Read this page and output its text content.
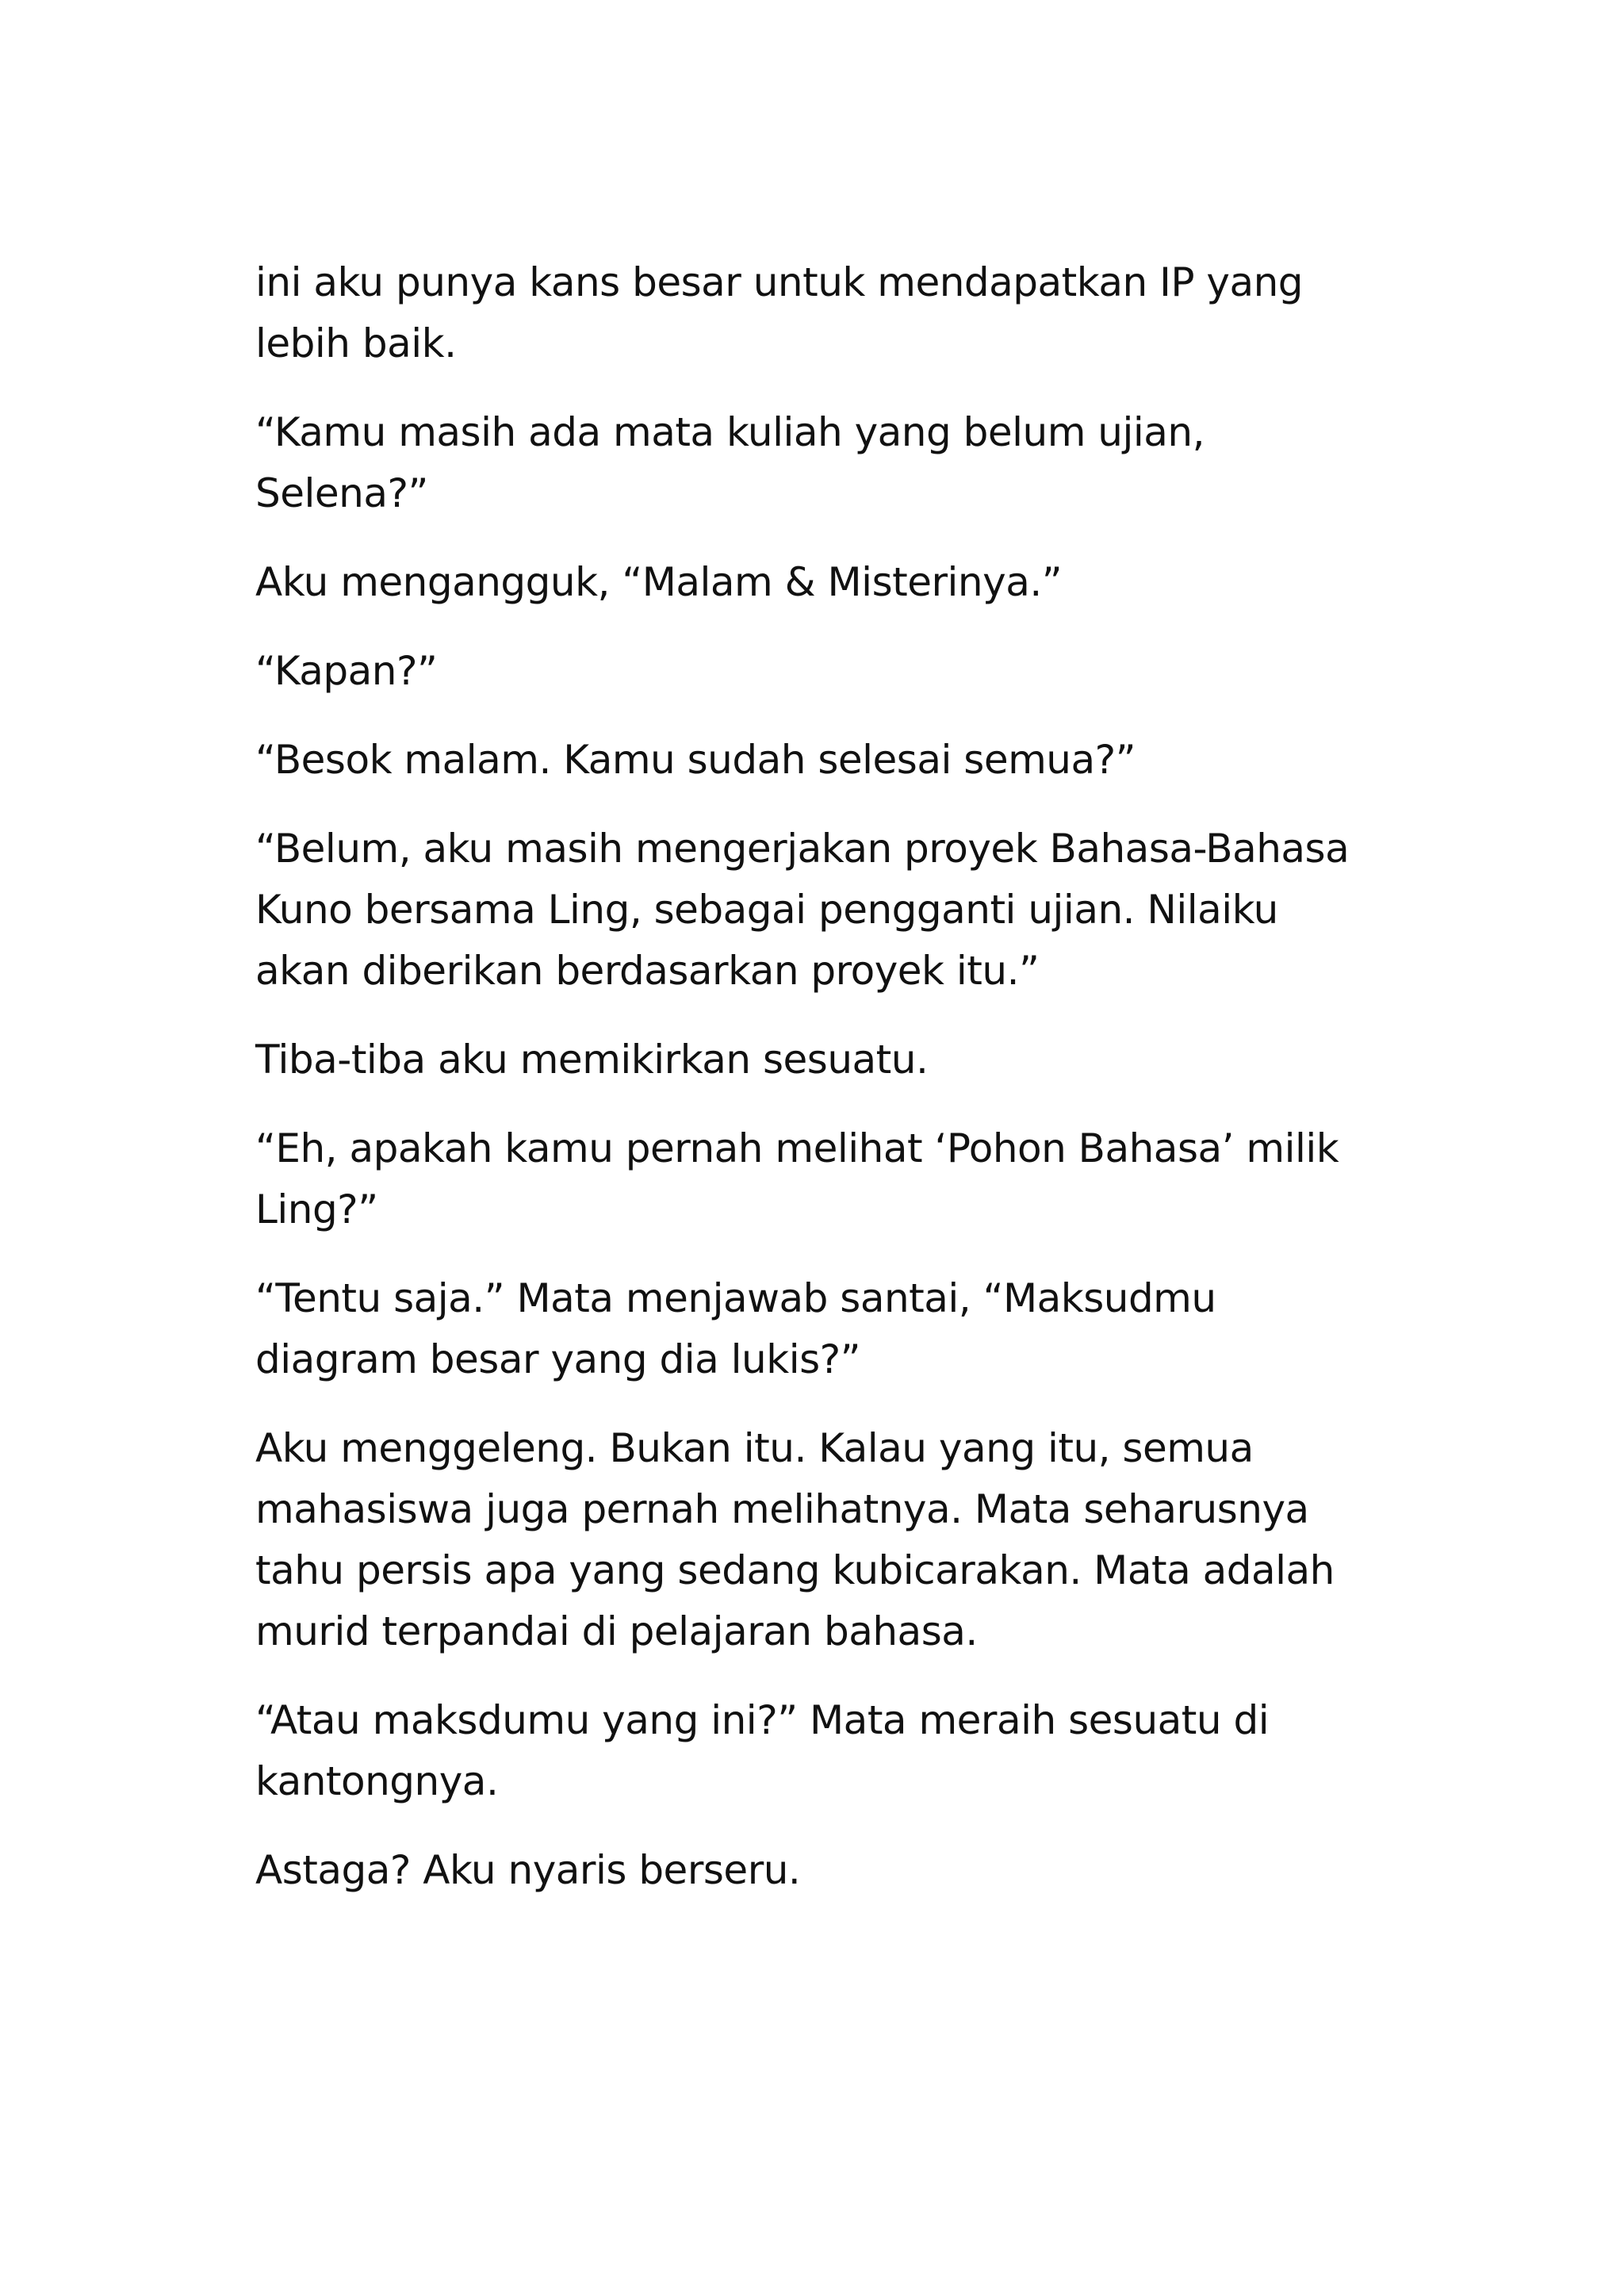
ini aku punya kans besar untuk mendapatkan IP yang lebih baik.

“Kamu masih ada mata kuliah yang belum ujian, Selena?”

Aku mengangguk, “Malam & Misterinya.”

“Kapan?”

“Besok malam. Kamu sudah selesai semua?”

“Belum, aku masih mengerjakan proyek Bahasa-Bahasa Kuno bersama Ling, sebagai pengganti ujian. Nilaiku akan diberikan berdasarkan proyek itu.”

Tiba-tiba aku memikirkan sesuatu.

“Eh, apakah kamu pernah melihat ‘Pohon Bahasa’ milik Ling?”

“Tentu saja.” Mata menjawab santai, “Maksudmu diagram besar yang dia lukis?”

Aku menggeleng. Bukan itu. Kalau yang itu, semua mahasiswa juga pernah melihatnya. Mata seharusnya tahu persis apa yang sedang kubicarakan. Mata adalah murid terpandai di pelajaran bahasa.

“Atau maksdumu yang ini?” Mata meraih sesuatu di kantongnya.

Astaga? Aku nyaris berseru.
